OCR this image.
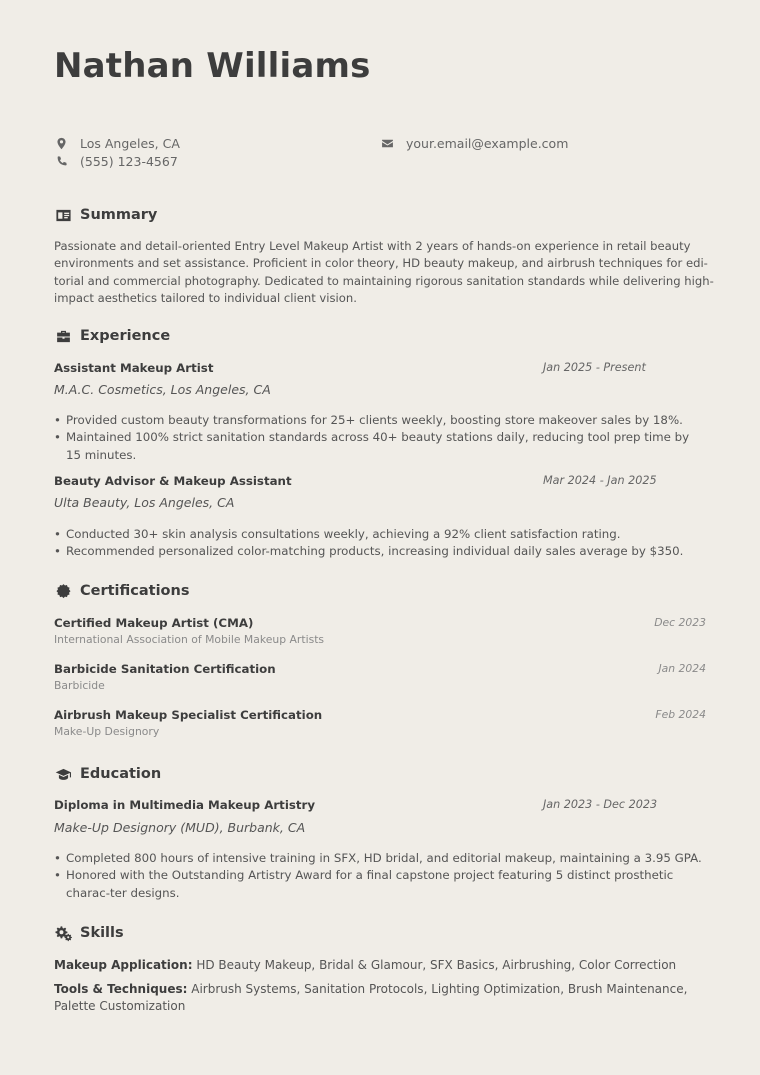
Nathan Williams
Los Angeles, CA	your.email@example.com
(555) 123-4567
Summary
Passionate and detail-oriented Entry Level Makeup Artist with 2 years of hands-on experience in retail beauty
environments and set assistance. Proficient in color theory, HD beauty makeup, and airbrush techniques for edi-
torial and commercial photography. Dedicated to maintaining rigorous sanitation standards while delivering high-
impact aesthetics tailored to individual client vision.
Experience
Assistant Makeup Artist	Jan 2025 - Present
M.A.C. Cosmetics, Los Angeles, CA
• Provided custom beauty transformations for 25+ clients weekly, boosting store makeover sales by 18%.
• Maintained 100% strict sanitation standards across 40+ beauty stations daily, reducing tool prep time by 15 minutes.
Beauty Advisor & Makeup Assistant	Mar 2024 - Jan 2025
Ulta Beauty, Los Angeles, CA
• Conducted 30+ skin analysis consultations weekly, achieving a 92% client satisfaction rating.
• Recommended personalized color-matching products, increasing individual daily sales average by $350.
Certifications
Certified Makeup Artist (CMA)	Dec 2023
International Association of Mobile Makeup Artists
Barbicide Sanitation Certification	Jan 2024
Barbicide
Airbrush Makeup Specialist Certification	Feb 2024
Make-Up Designory
Education
Diploma in Multimedia Makeup Artistry	Jan 2023 - Dec 2023
Make-Up Designory (MUD), Burbank, CA
• Completed 800 hours of intensive training in SFX, HD bridal, and editorial makeup, maintaining a 3.95 GPA.
• Honored with the Outstanding Artistry Award for a final capstone project featuring 5 distinct prosthetic charac-ter designs.
Skills
Makeup Application: HD Beauty Makeup, Bridal & Glamour, SFX Basics, Airbrushing, Color Correction
Tools & Techniques: Airbrush Systems, Sanitation Protocols, Lighting Optimization, Brush Maintenance, Palette Customization
